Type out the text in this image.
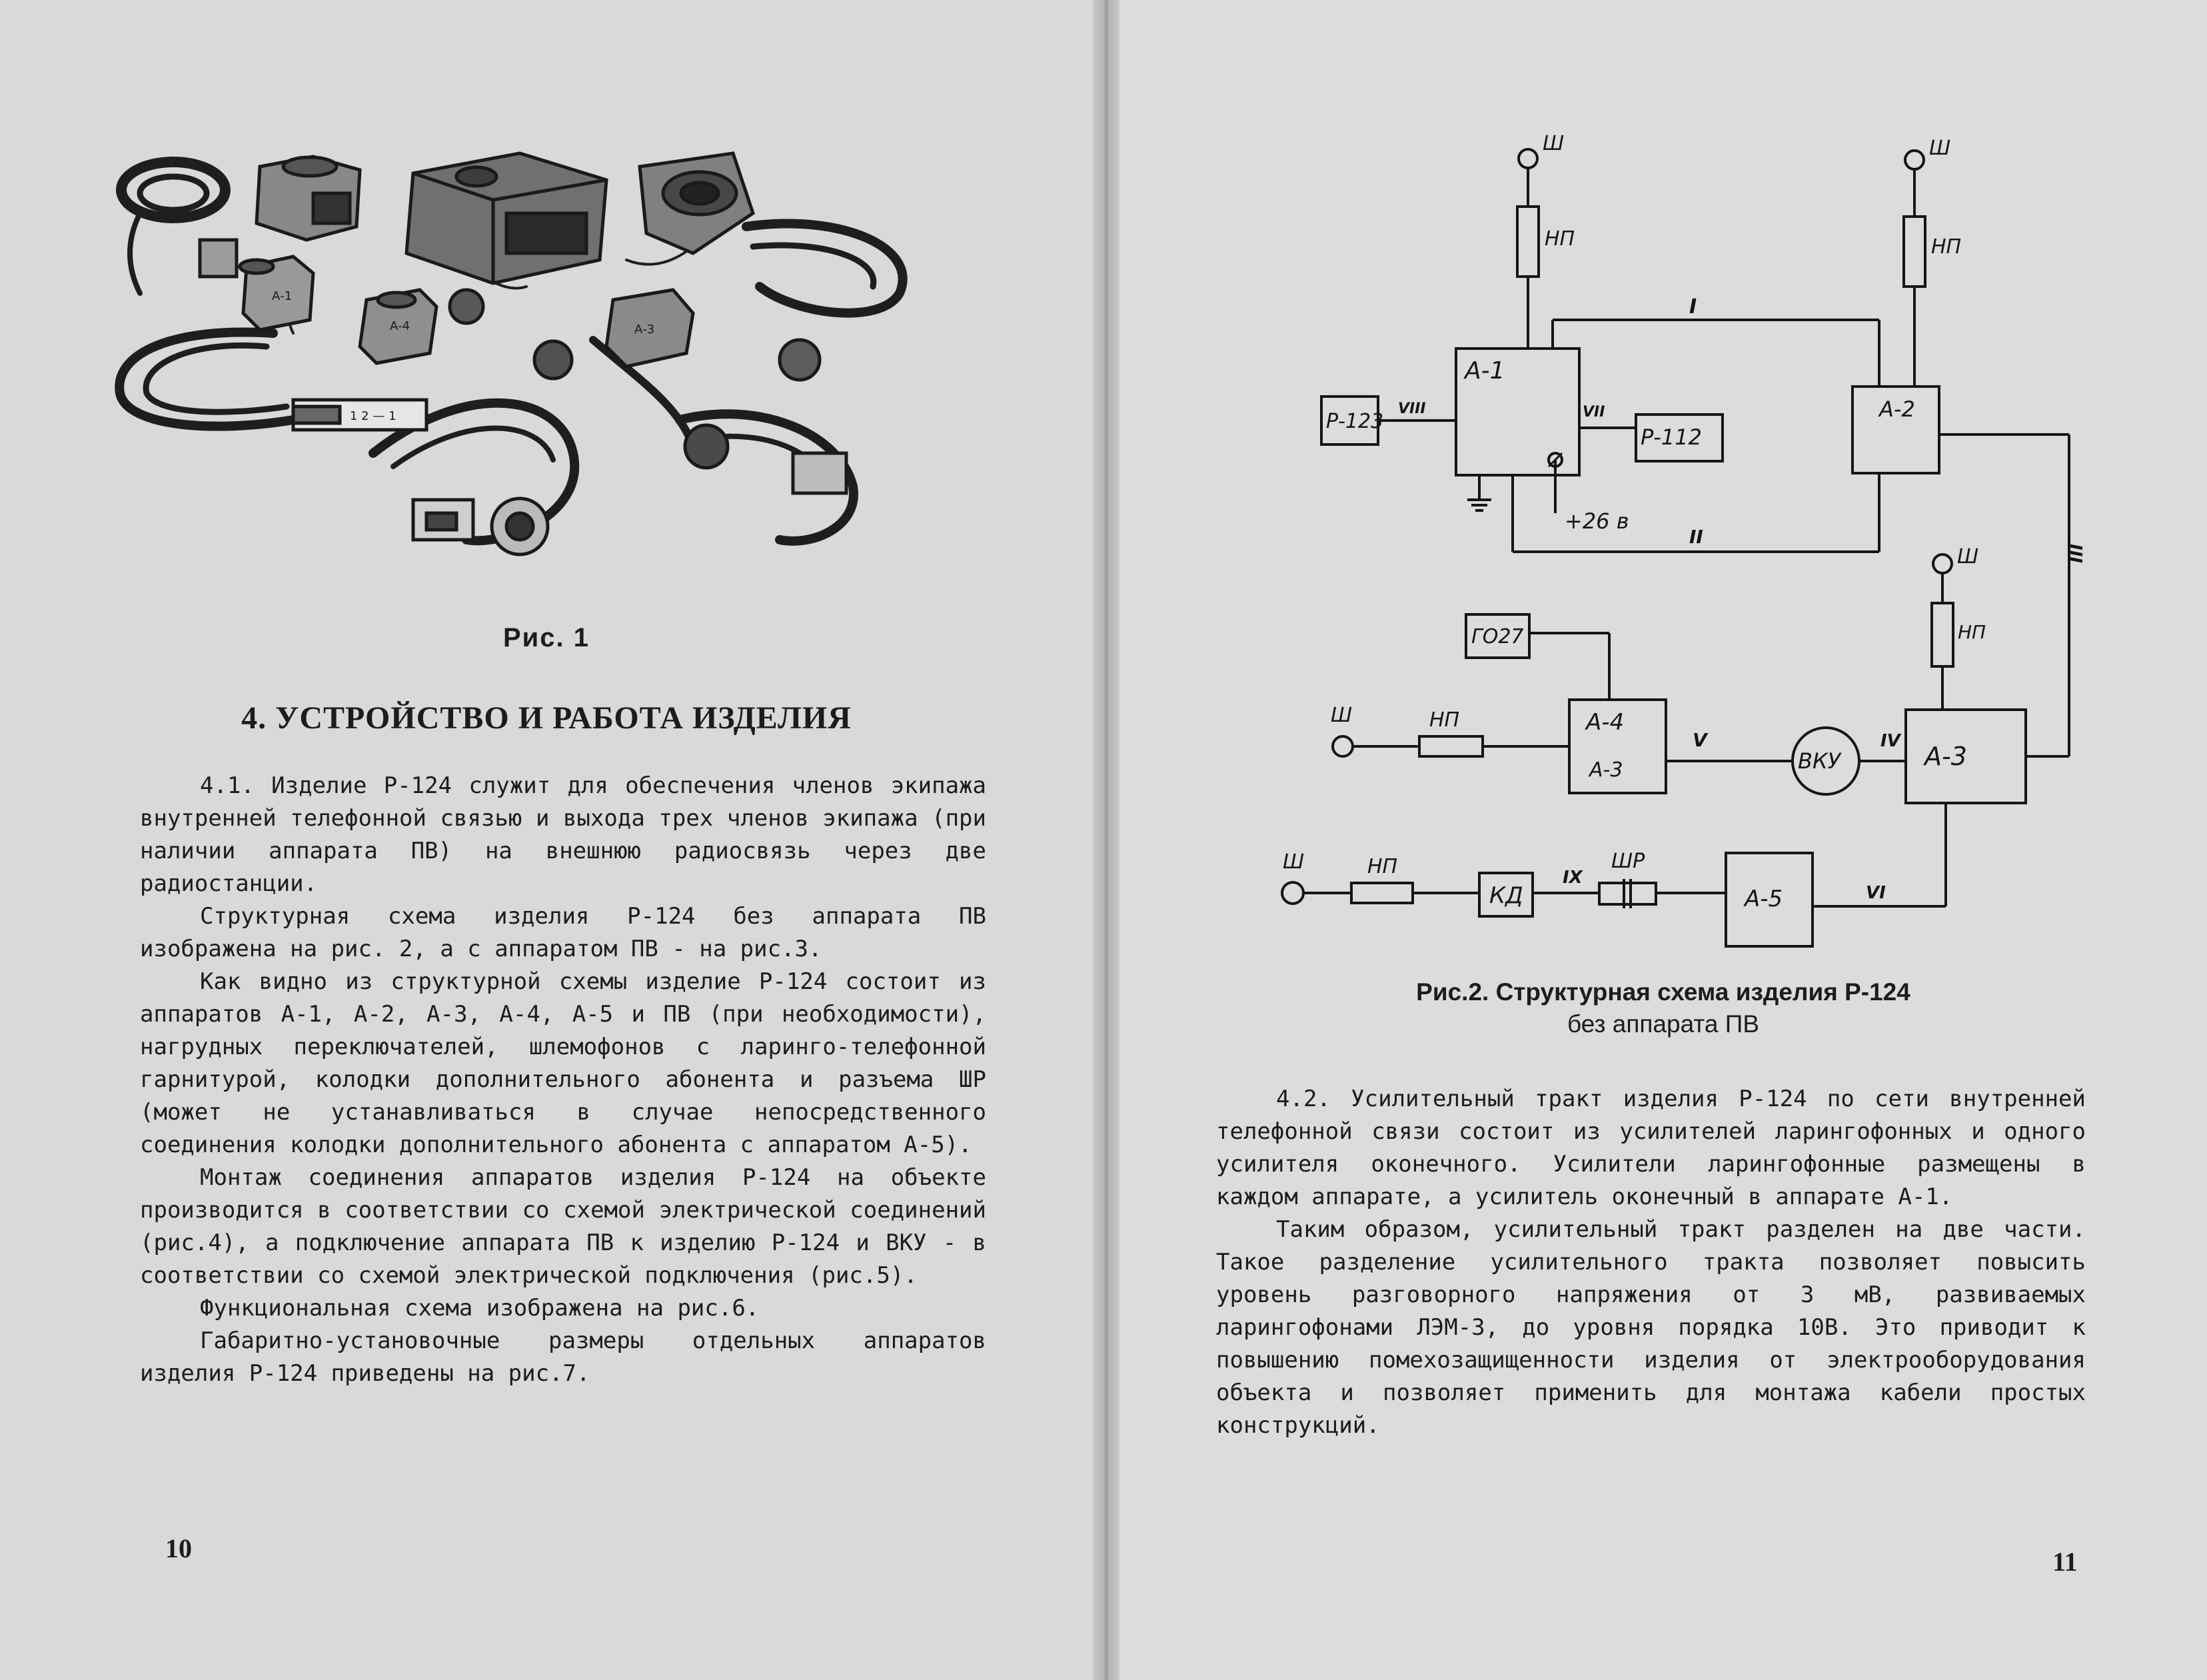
А-1
А-4	А-3
1 2 — 1
Рис. 1
4. УСТРОЙСТВО И РАБОТА ИЗДЕЛИЯ

4.1. Изделие Р-124 служит для обеспечения членов экипажа внутренней телефонной связью и выхода трех членов экипажа (при наличии аппарата ПВ) на внешнюю радиосвязь через две радиостанции.

Структурная схема изделия Р-124 без аппарата ПВ изображена на рис. 2, а с аппаратом ПВ - на рис.3.

Как видно из структурной схемы изделие Р-124 состоит из аппаратов А-1, А-2, А-3, А-4, А-5 и ПВ (при необходимости), нагрудных переключателей, шлемофонов с ларинго-телефонной гарнитурой, колодки дополнительного абонента и разъема ШР (может не устанавливаться в случае непосредственного соединения колодки дополнительного абонента с аппаратом А-5).

Монтаж соединения аппаратов изделия Р-124 на объекте производится в соответствии со схемой электрической соединений (рис.4), а подключение аппарата ПВ к изделию Р-124 и ВКУ - в соответствии со схемой электрической подключения (рис.5).

Функциональная схема изображена на рис.6.

Габаритно-установочные размеры отдельных аппаратов изделия Р-124 приведены на рис.7.

10
Ш	Ш
Ш
Ш
Ш
НП	НП
НП
НП
НП	ШР
А-1
А-2
Р-123
Р-112
ГО27
А-4
А-3	ВКУ	А-3
КД	А-5
I
II
IV
V
VI
VII
VIII
IX
+26 в
III
Рис.2. Структурная схема изделия Р-124
без аппарата ПВ

4.2. Усилительный тракт изделия Р-124 по сети внутренней телефонной связи состоит из усилителей ларингофонных и одного усилителя оконечного. Усилители ларингофонные размещены в каждом аппарате, а усилитель оконечный в аппарате А-1.

Таким образом, усилительный тракт разделен на две части. Такое разделение усилительного тракта позволяет повысить уровень разговорного напряжения от 3 мВ, развиваемых ларингофонами ЛЭМ-3, до уровня порядка 10В. Это приводит к повышению помехозащищенности изделия от электрооборудования объекта и позволяет применить для монтажа кабели простых конструкций.

11
